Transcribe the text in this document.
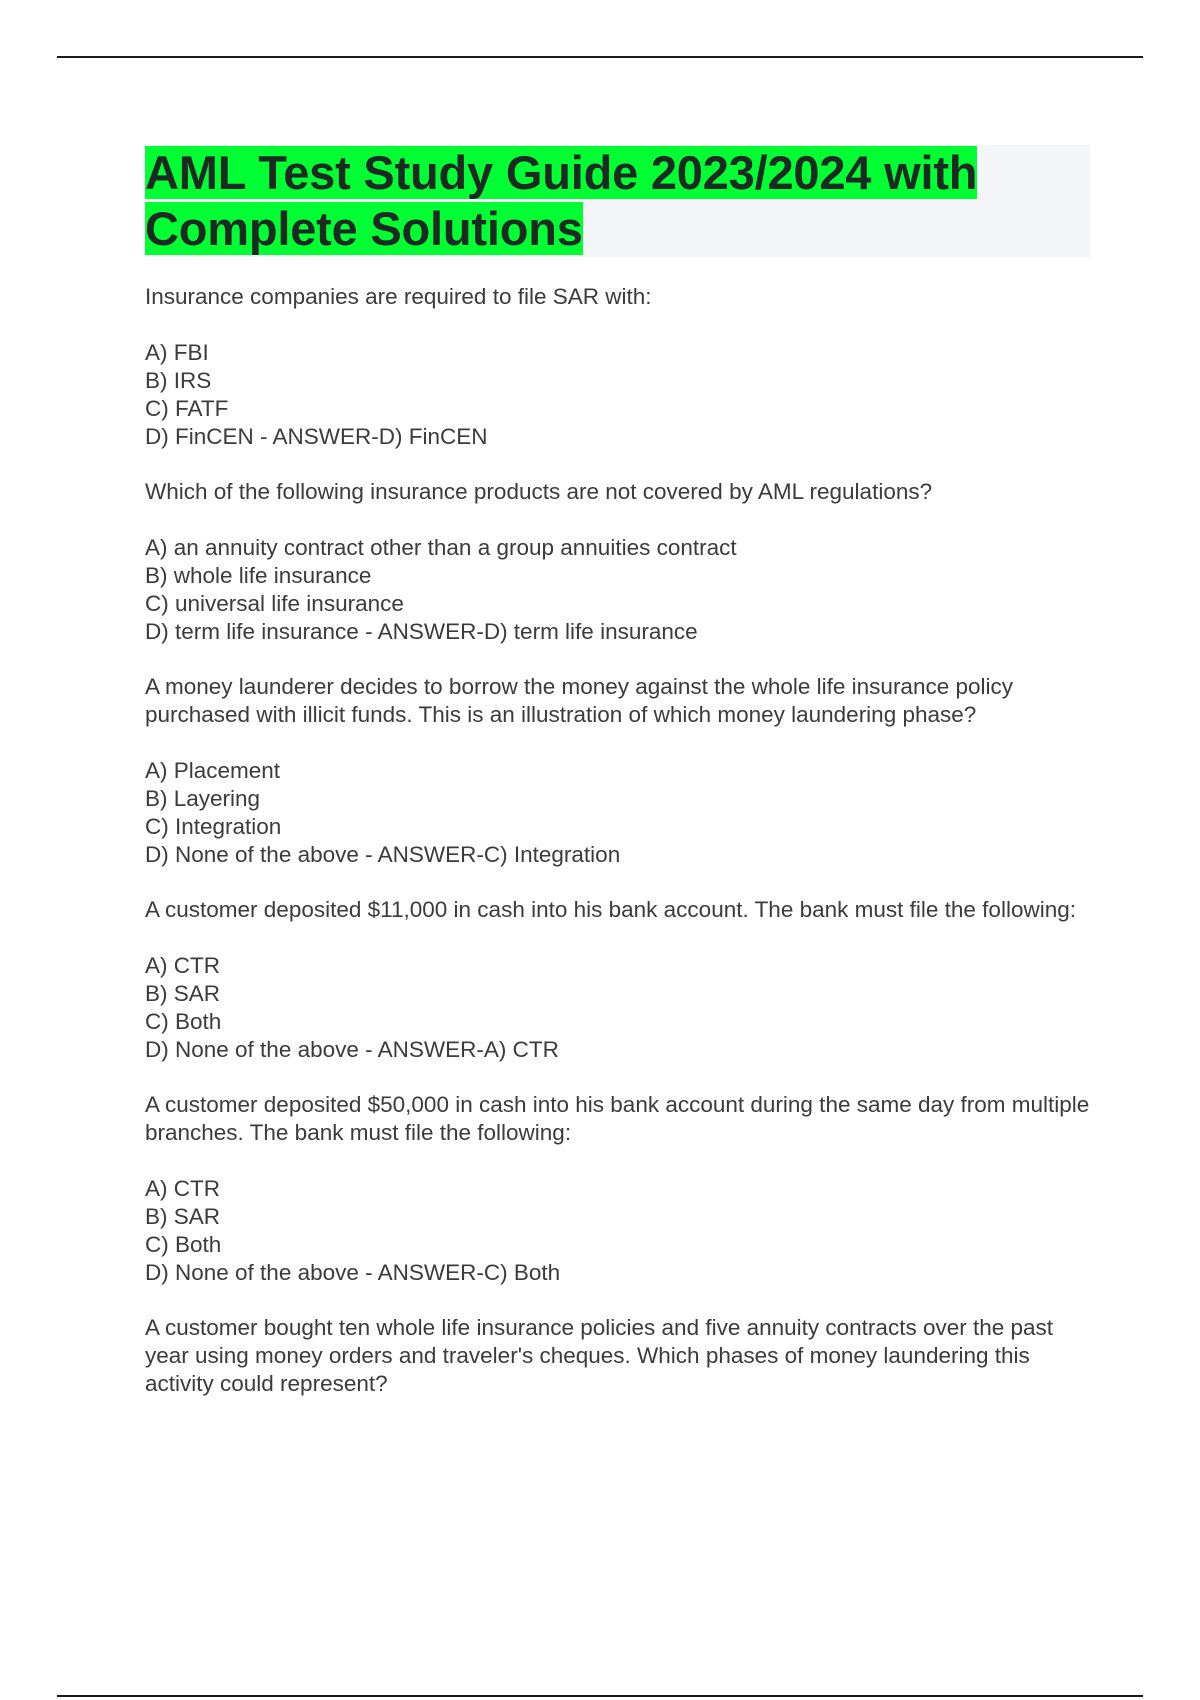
AML Test Study Guide 2023/2024 with
Complete Solutions

Insurance companies are required to file SAR with:

A) FBI
B) IRS
C) FATF
D) FinCEN - ANSWER-D) FinCEN

Which of the following insurance products are not covered by AML regulations?

A) an annuity contract other than a group annuities contract
B) whole life insurance
C) universal life insurance
D) term life insurance - ANSWER-D) term life insurance

A money launderer decides to borrow the money against the whole life insurance policy purchased with illicit funds. This is an illustration of which money laundering phase?

A) Placement
B) Layering
C) Integration
D) None of the above - ANSWER-C) Integration

A customer deposited $11,000 in cash into his bank account. The bank must file the following:

A) CTR
B) SAR
C) Both
D) None of the above - ANSWER-A) CTR

A customer deposited $50,000 in cash into his bank account during the same day from multiple branches. The bank must file the following:

A) CTR
B) SAR
C) Both
D) None of the above - ANSWER-C) Both

A customer bought ten whole life insurance policies and five annuity contracts over the past year using money orders and traveler's cheques. Which phases of money laundering this activity could represent?
